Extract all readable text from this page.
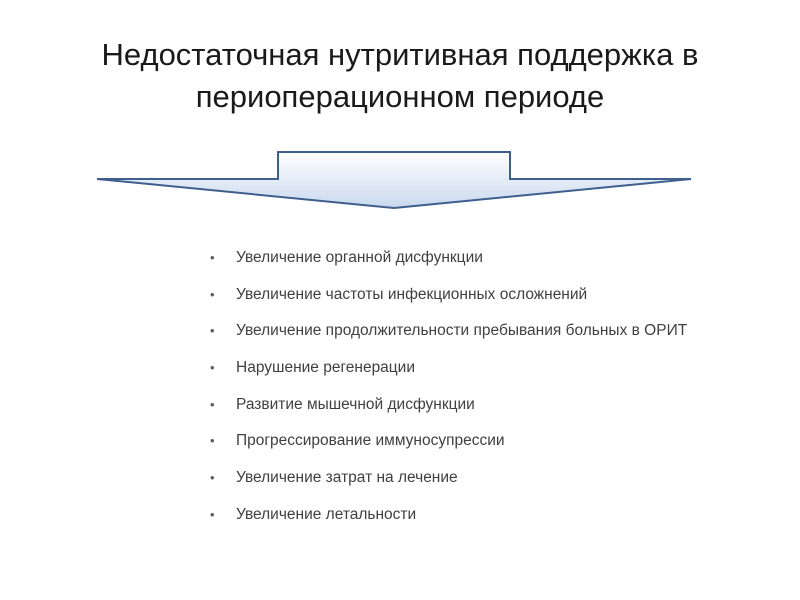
Недостаточная нутритивная поддержка в
периоперационном периоде
• Увеличение органной дисфункции
• Увеличение частоты инфекционных осложнений
• Увеличение продолжительности пребывания больных в ОРИТ
• Нарушение регенерации
• Развитие мышечной дисфункции
• Прогрессирование иммуносупрессии
• Увеличение затрат на лечение
• Увеличение летальности
